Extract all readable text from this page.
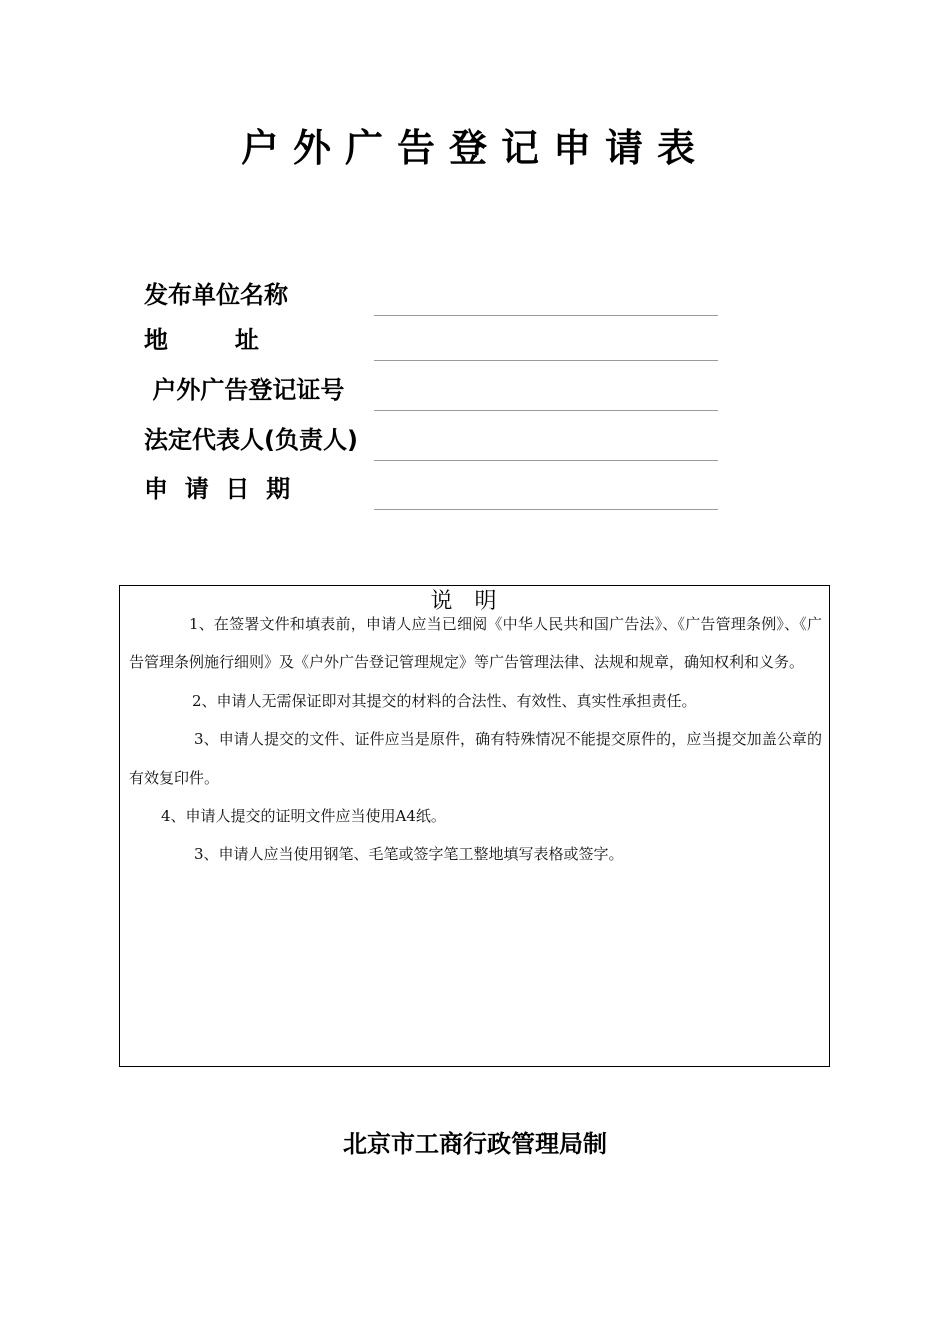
户外广告登记申请表
发布单位名称
地        址
户外广告登记证号
法定代表人(负责人)
申  请  日  期
说明

1、在签署文件和填表前，申请人应当已细阅《中华人民共和国广告法》、《广告管理条例》、《广告管理条例施行细则》及《户外广告登记管理规定》等广告管理法律、法规和规章，确知权利和义务。

2、申请人无需保证即对其提交的材料的合法性、有效性、真实性承担责任。

3、申请人提交的文件、证件应当是原件，确有特殊情况不能提交原件的，应当提交加盖公章的有效复印件。

4、申请人提交的证明文件应当使用A4纸。

3、申请人应当使用钢笔、毛笔或签字笔工整地填写表格或签字。

北京市工商行政管理局制
